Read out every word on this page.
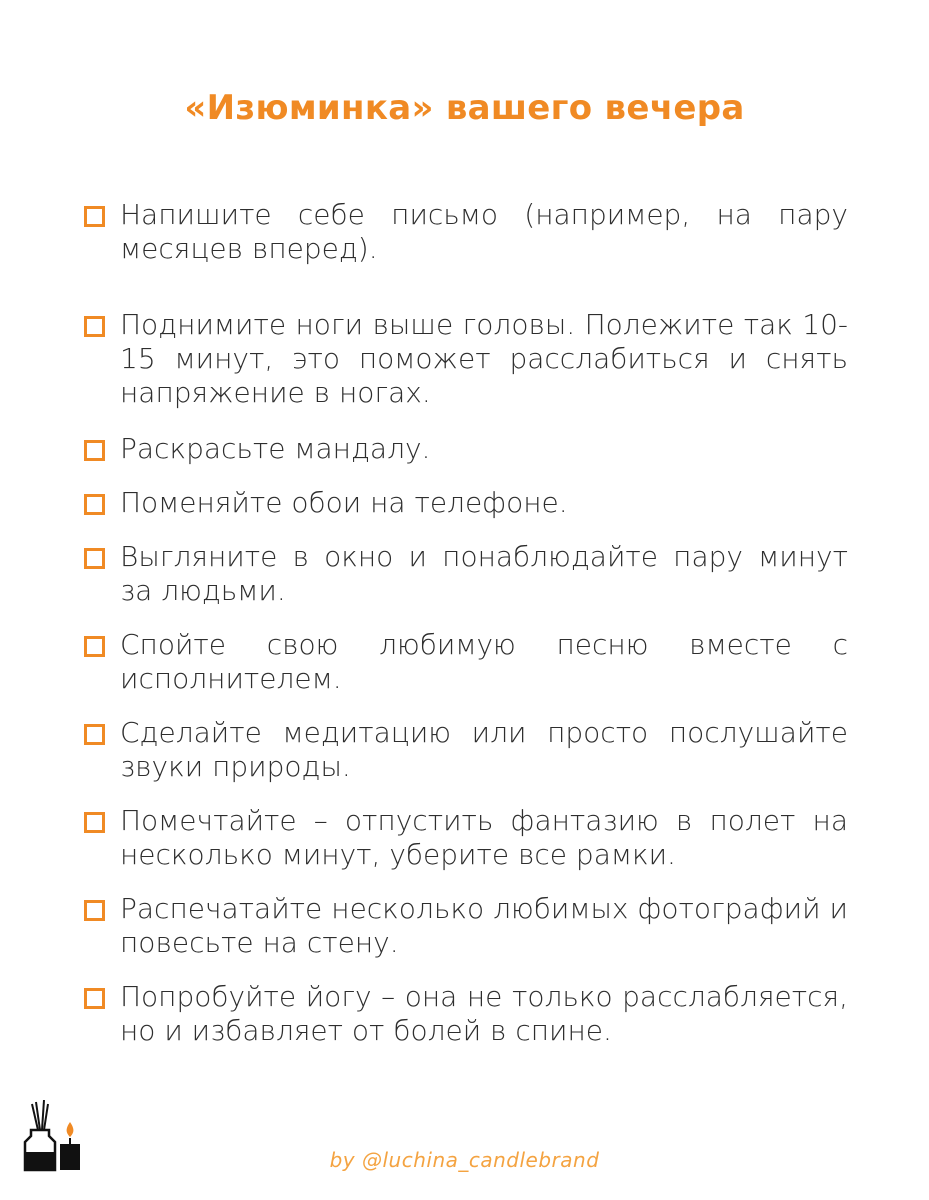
«Изюминка» вашего вечера
Напишите себе письмо (например, на пару месяцев вперед).
Поднимите ноги выше головы. Полежите так 10-15 минут, это поможет расслабиться и снять напряжение в ногах.
Раскрасьте мандалу.
Поменяйте обои на телефоне.
Выгляните в окно и понаблюдайте пару минут за людьми.
Спойте свою любимую песню вместе с исполнителем.
Сделайте медитацию или просто послушайте звуки природы.
Помечтайте – отпустить фантазию в полет на несколько минут, уберите все рамки.
Распечатайте несколько любимых фотографий и повесьте на стену.
Попробуйте йогу – она не только расслабляется, но и избавляет от болей в спине.
by @luchina_candlebrand
